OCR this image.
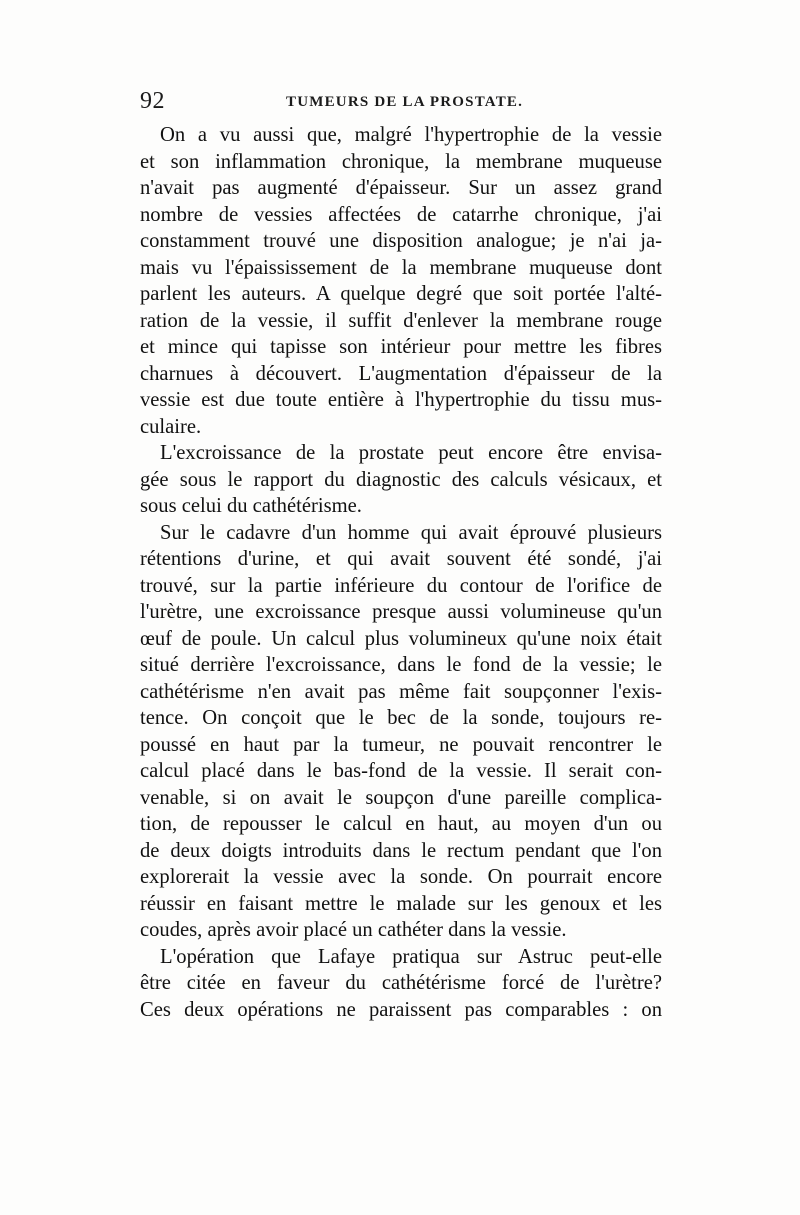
92	TUMEURS DE LA PROSTATE.
On a vu aussi que, malgré l'hypertrophie de la vessie
et son inflammation chronique, la membrane muqueuse
n'avait pas augmenté d'épaisseur. Sur un assez grand
nombre de vessies affectées de catarrhe chronique, j'ai
constamment trouvé une disposition analogue; je n'ai ja-
mais vu l'épaississement de la membrane muqueuse dont
parlent les auteurs. A quelque degré que soit portée l'alté-
ration de la vessie, il suffit d'enlever la membrane rouge
et mince qui tapisse son intérieur pour mettre les fibres
charnues à découvert. L'augmentation d'épaisseur de la
vessie est due toute entière à l'hypertrophie du tissu mus-
culaire.
L'excroissance de la prostate peut encore être envisa-
gée sous le rapport du diagnostic des calculs vésicaux, et
sous celui du cathétérisme.
Sur le cadavre d'un homme qui avait éprouvé plusieurs
rétentions d'urine, et qui avait souvent été sondé, j'ai
trouvé, sur la partie inférieure du contour de l'orifice de
l'urètre, une excroissance presque aussi volumineuse qu'un
œuf de poule. Un calcul plus volumineux qu'une noix était
situé derrière l'excroissance, dans le fond de la vessie; le
cathétérisme n'en avait pas même fait soupçonner l'exis-
tence. On conçoit que le bec de la sonde, toujours re-
poussé en haut par la tumeur, ne pouvait rencontrer le
calcul placé dans le bas-fond de la vessie. Il serait con-
venable, si on avait le soupçon d'une pareille complica-
tion, de repousser le calcul en haut, au moyen d'un ou
de deux doigts introduits dans le rectum pendant que l'on
explorerait la vessie avec la sonde. On pourrait encore
réussir en faisant mettre le malade sur les genoux et les
coudes, après avoir placé un cathéter dans la vessie.
L'opération que Lafaye pratiqua sur Astruc peut-elle
être citée en faveur du cathétérisme forcé de l'urètre?
Ces deux opérations ne paraissent pas comparables : on
